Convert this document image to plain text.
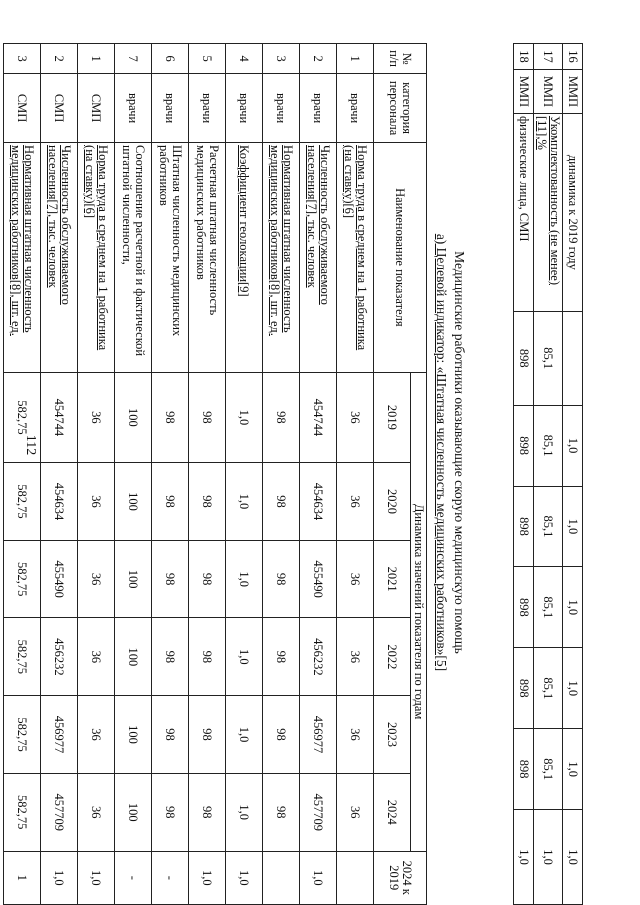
112
16	ММП	динамика к 2019 году		1,0	1,0	1,0	1,0	1,0	1,0
17	ММП	Укомплектованность (не менее)[11],%	85,1	85,1	85,1	85,1	85,1	85,1	1,0
18	ММП	физические лица, СМП	898	898	898	898	898	898	1,0
Медицинские работники оказывающие скорую медицинскую помощь
а) Целевой индикатор: «Штатная численность медицинских работников»[5]
№ п/п	категория персонала	Наименование показателя	Динамика значений показателя по годам						2024 к 2019
			2019	2020	2021	2022	2023	2024	
1	врачи	Норма труда в среднем на 1 работника (на ставку)[6]	36	36	36	36	36	36	
2	врачи	Численность обслуживаемого населения[7], тыс. человек	454744	454634	455490	456232	456977	457709	1,0
3	врачи	Нормативная штатная численность медицинских работников[8], шт. ед.	98	98	98	98	98	98	
4	врачи	Коэффициент геолокации[9]	1,0	1,0	1,0	1,0	1,0	1,0	1,0
5	врачи	Расчетная штатная численность медицинских работников	98	98	98	98	98	98	1,0
6	врачи	Штатная численность медицинских работников	98	98	98	98	98	98	-
7	врачи	Соотношение расчетной и фактической штатной численности,	100	100	100	100	100	100	-
1	СМП	Норма труда в среднем на 1 работника (на ставку)[6]	36	36	36	36	36	36	1,0
2	СМП	Численность обслуживаемого населения[7], тыс. человек	454744	454634	455490	456232	456977	457709	1,0
3	СМП	Нормативная штатная численность медицинских работников[8], шт. ед.	582,75	582,75	582,75	582,75	582,75	582,75	1
